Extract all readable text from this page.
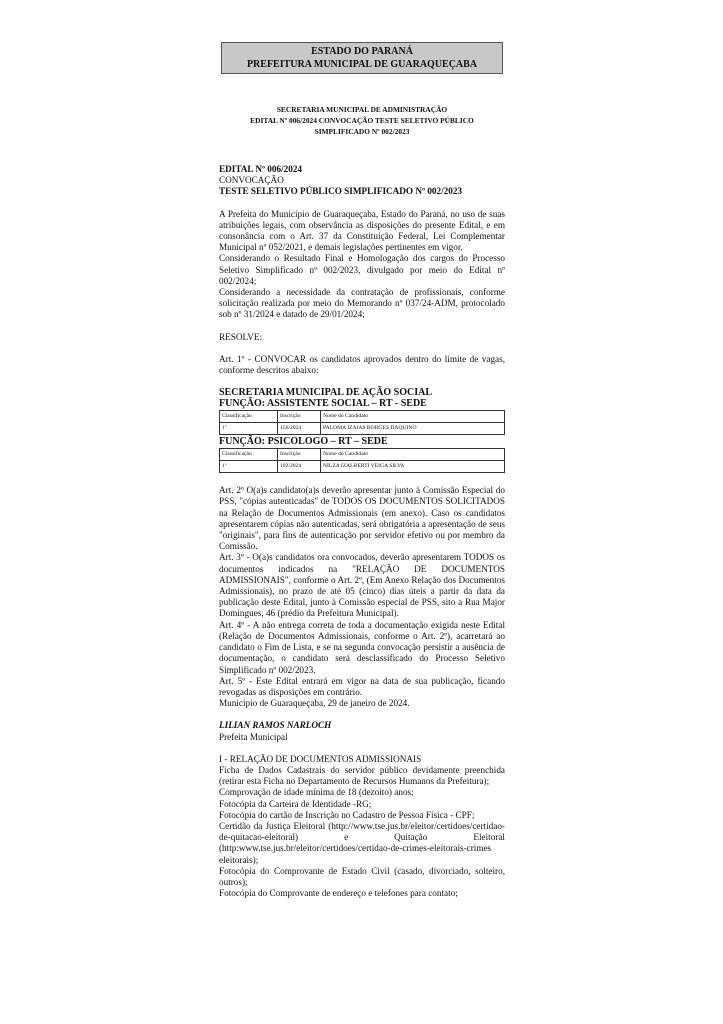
ESTADO DO PARANÁ
PREFEITURA MUNICIPAL DE GUARAQUEÇABA
SECRETARIA MUNICIPAL DE ADMINISTRAÇÃO
EDITAL Nº 006/2024 CONVOCAÇÃO TESTE SELETIVO PÚBLICO
SIMPLIFICADO Nº 002/2023

EDITAL Nº 006/2024

CONVOCAÇÃO

TESTE SELETIVO PÚBLICO SIMPLIFICADO Nº 002/2023

A Prefeita do Município de Guaraqueçaba, Estado do Paraná, no uso de suas atribuições legais, com observância as disposições do presente Edital, e em consonância com o Art. 37 da Constituição Federal, Lei Complementar Municipal nº 052/2021, e demais legislações pertinentes em vigor,

Considerando o Resultado Final e Homologação dos cargos do Processo Seletivo Simplificado nº 002/2023, divulgado por meio do Edital nº 002/2024;

Considerando a necessidade da contratação de profissionais, conforme solicitação realizada por meio do Memorando nº 037/24-ADM, protocolado sob nº 31/2024 e datado de 29/01/2024;

RESOLVE:

Art. 1º - CONVOCAR os candidatos aprovados dentro do limite de vagas, conforme descritos abaixo:

SECRETARIA MUNICIPAL DE AÇÃO SOCIAL

FUNÇÃO: ASSISTENTE SOCIAL – RT - SEDE

Classificação	Inscrição	Nome do Candidato
1º	156/2024	PALOMA IZAIAS BORGES DAQUINO

FUNÇÃO: PSICOLOGO – RT – SEDE

Classificação	Inscrição	Nome do Candidato
1º	192/2024	NILZA IZALBERTI VEIGA SILVA

Art. 2º O(a)s candidato(a)s deverão apresentar junto à Comissão Especial do PSS, "cópias autenticadas" de TODOS OS DOCUMENTOS SOLICITADOS na Relação de Documentos Admissionais (em anexo). Caso os candidatos apresentarem cópias não autenticadas, será obrigatória a apresentação de seus "originais", para fins de autenticação por servidor efetivo ou por membro da Comissão.

Art. 3º - O(a)s candidatos ora convocados, deverão apresentarem TODOS os documentos indicados na "RELAÇÃO DE DOCUMENTOS ADMISSIONAIS", conforme o Art. 2º, (Em Anexo Relação dos Documentos Admissionais), no prazo de até 05 (cinco) dias úteis a partir da data da publicação deste Edital, junto à Comissão especial de PSS, sito a Rua Major Domingues, 46 (prédio da Prefeitura Municipal).

Art. 4º - A não entrega correta de toda a documentação exigida neste Edital (Relação de Documentos Admissionais, conforme o Art. 2º), acarretará ao candidato o Fim de Lista, e se na segunda convocação persistir a ausência de documentação, o candidato será desclassificado do Processo Seletivo Simplificado nº 002/2023.

Art. 5º - Este Edital entrará em vigor na data de sua publicação, ficando revogadas as disposições em contrário.

Município de Guaraqueçaba, 29 de janeiro de 2024.

LILIAN RAMOS NARLOCH

Prefeita Municipal

I - RELAÇÃO DE DOCUMENTOS ADMISSIONAIS

Ficha de Dados Cadastrais do servidor público devidamente preenchida (retirar esta Ficha no Departamento de Recursos Humanos da Prefeitura);

Comprovação de idade mínima de 18 (dezoito) anos;

Fotocópia da Carteira de Identidade -RG;

Fotocópia do cartão de Inscrição no Cadastro de Pessoa Física - CPF;

Certidão da Justiça Eleitoral (http://www.tse.jus.br/eleitor/certidoes/certidao-de-quitacao-eleitoral) e Quitação Eleitoral (http:www.tse.jus.br/eleitor/certidoes/certidao-de-crimes-eleitorais-crimes eleitorais);

Fotocópia do Comprovante de Estado Civil (casado, divorciado, solteiro, outros);

Fotocópia do Comprovante de endereço e telefones para contato;
